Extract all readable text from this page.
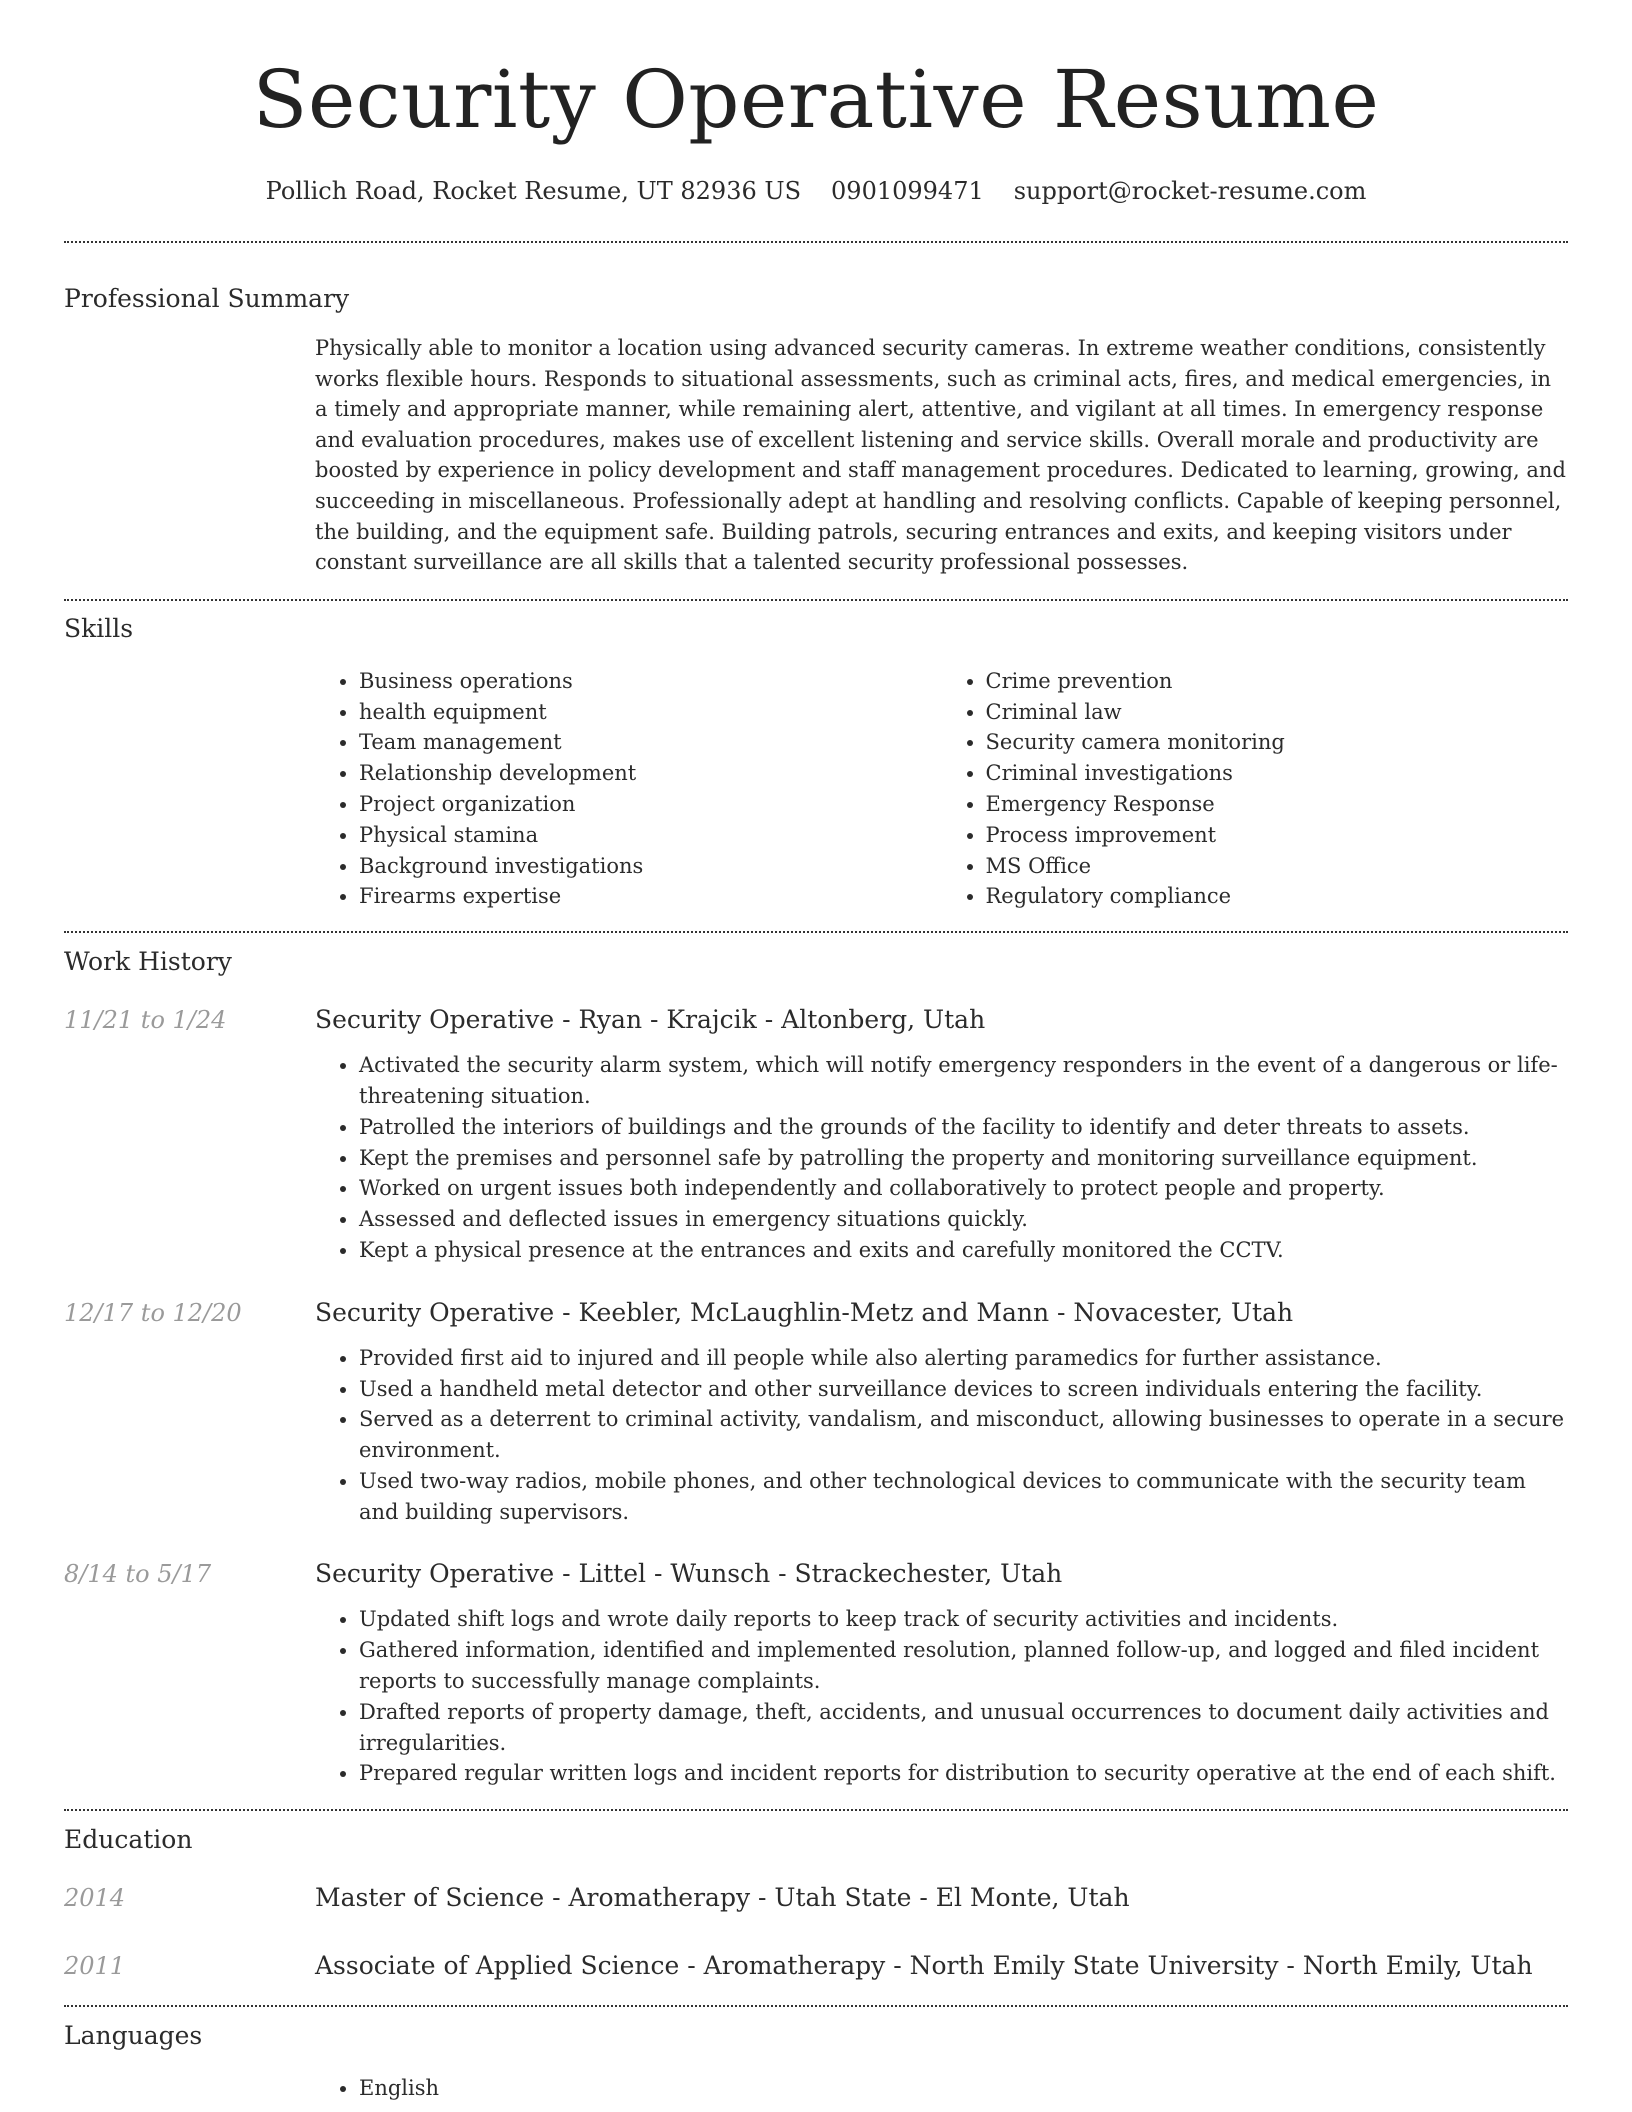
Security Operative Resume
Pollich Road, Rocket Resume, UT 82936 US 0901099471 support@rocket-resume.com
Professional Summary
Physically able to monitor a location using advanced security cameras. In extreme weather conditions, consistently works flexible hours. Responds to situational assessments, such as criminal acts, fires, and medical emergencies, in a timely and appropriate manner, while remaining alert, attentive, and vigilant at all times. In emergency response and evaluation procedures, makes use of excellent listening and service skills. Overall morale and productivity are boosted by experience in policy development and staff management procedures. Dedicated to learning, growing, and succeeding in miscellaneous. Professionally adept at handling and resolving conflicts. Capable of keeping personnel, the building, and the equipment safe. Building patrols, securing entrances and exits, and keeping visitors under constant surveillance are all skills that a talented security professional possesses.
Skills
• Business operations
• health equipment
• Team management
• Relationship development
• Project organization
• Physical stamina
• Background investigations
• Firearms expertise
• Crime prevention
• Criminal law
• Security camera monitoring
• Criminal investigations
• Emergency Response
• Process improvement
• MS Office
• Regulatory compliance
Work History
11/21 to 1/24	Security Operative - Ryan - Krajcik - Altonberg, Utah
• Activated the security alarm system, which will notify emergency responders in the event of a dangerous or life-threatening situation.
• Patrolled the interiors of buildings and the grounds of the facility to identify and deter threats to assets.
• Kept the premises and personnel safe by patrolling the property and monitoring surveillance equipment.
• Worked on urgent issues both independently and collaboratively to protect people and property.
• Assessed and deflected issues in emergency situations quickly.
• Kept a physical presence at the entrances and exits and carefully monitored the CCTV.
12/17 to 12/20	Security Operative - Keebler, McLaughlin-Metz and Mann - Novacester, Utah
• Provided first aid to injured and ill people while also alerting paramedics for further assistance.
• Used a handheld metal detector and other surveillance devices to screen individuals entering the facility.
• Served as a deterrent to criminal activity, vandalism, and misconduct, allowing businesses to operate in a secure environment.
• Used two-way radios, mobile phones, and other technological devices to communicate with the security team and building supervisors.
8/14 to 5/17	Security Operative - Littel - Wunsch - Strackechester, Utah
• Updated shift logs and wrote daily reports to keep track of security activities and incidents.
• Gathered information, identified and implemented resolution, planned follow-up, and logged and filed incident reports to successfully manage complaints.
• Drafted reports of property damage, theft, accidents, and unusual occurrences to document daily activities and irregularities.
• Prepared regular written logs and incident reports for distribution to security operative at the end of each shift.
Education
2014	Master of Science - Aromatherapy - Utah State - El Monte, Utah
2011	Associate of Applied Science - Aromatherapy - North Emily State University - North Emily, Utah
Languages
• English
